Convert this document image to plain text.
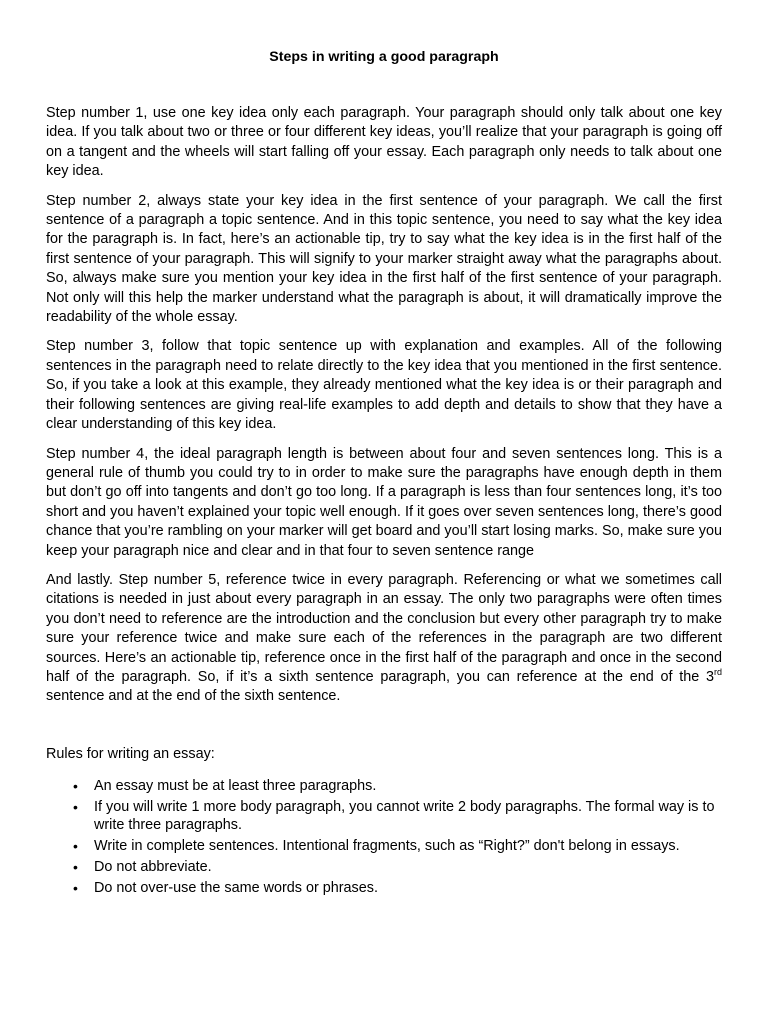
Steps in writing a good paragraph

Step number 1, use one key idea only each paragraph. Your paragraph should only talk about one key idea. If you talk about two or three or four different key ideas, you’ll realize that your paragraph is going off on a tangent and the wheels will start falling off your essay. Each paragraph only needs to talk about one key idea.

Step number 2, always state your key idea in the first sentence of your paragraph. We call the first sentence of a paragraph a topic sentence. And in this topic sentence, you need to say what the key idea for the paragraph is. In fact, here’s an actionable tip, try to say what the key idea is in the first half of the first sentence of your paragraph. This will signify to your marker straight away what the paragraphs about. So, always make sure you mention your key idea in the first half of the first sentence of your paragraph. Not only will this help the marker understand what the paragraph is about, it will dramatically improve the readability of the whole essay.

Step number 3, follow that topic sentence up with explanation and examples. All of the following sentences in the paragraph need to relate directly to the key idea that you mentioned in the first sentence. So, if you take a look at this example, they already mentioned what the key idea is or their paragraph and their following sentences are giving real-life examples to add depth and details to show that they have a clear understanding of this key idea.

Step number 4, the ideal paragraph length is between about four and seven sentences long. This is a general rule of thumb you could try to in order to make sure the paragraphs have enough depth in them but don’t go off into tangents and don’t go too long. If a paragraph is less than four sentences long, it’s too short and you haven’t explained your topic well enough. If it goes over seven sentences long, there’s good chance that you’re rambling on your marker will get board and you’ll start losing marks. So, make sure you keep your paragraph nice and clear and in that four to seven sentence range

And lastly. Step number 5, reference twice in every paragraph. Referencing or what we sometimes call citations is needed in just about every paragraph in an essay. The only two paragraphs were often times you don’t need to reference are the introduction and the conclusion but every other paragraph try to make sure your reference twice and make sure each of the references in the paragraph are two different sources. Here’s an actionable tip, reference once in the first half of the paragraph and once in the second half of the paragraph. So, if it’s a sixth sentence paragraph, you can reference at the end of the 3rd sentence and at the end of the sixth sentence.

Rules for writing an essay:
• An essay must be at least three paragraphs.
• If you will write 1 more body paragraph, you cannot write 2 body paragraphs. The formal way is to write three paragraphs.
• Write in complete sentences. Intentional fragments, such as “Right?” don't belong in essays.
• Do not abbreviate.
• Do not over-use the same words or phrases.
